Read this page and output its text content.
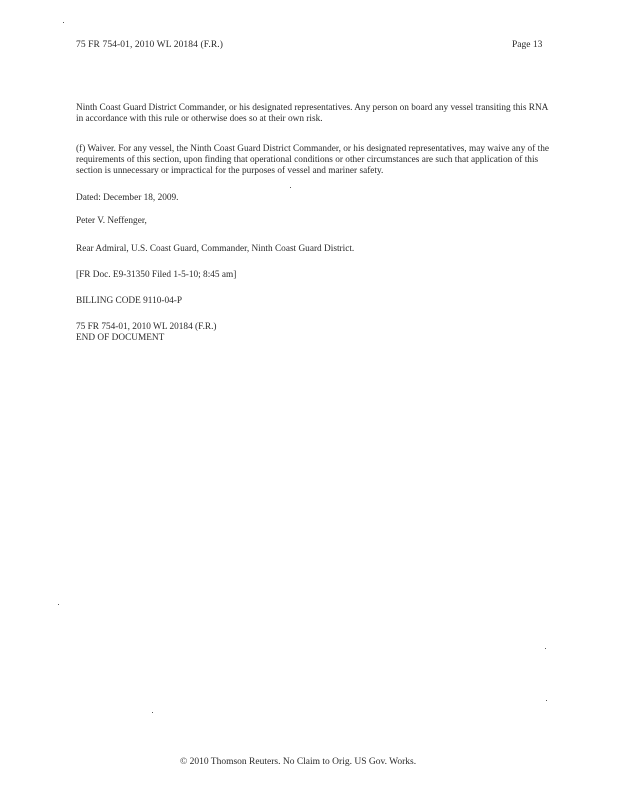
75 FR 754-01, 2010 WL 20184 (F.R.)	Page 13
Ninth Coast Guard District Commander, or his designated representatives. Any person on board any vessel transiting this RNA in accordance with this rule or otherwise does so at their own risk.
(f) Waiver. For any vessel, the Ninth Coast Guard District Commander, or his designated representatives, may waive any of the requirements of this section, upon finding that operational conditions or other circumstances are such that application of this section is unnecessary or impractical for the purposes of vessel and mariner safety.
Dated: December 18, 2009.
Peter V. Neffenger,
Rear Admiral, U.S. Coast Guard, Commander, Ninth Coast Guard District.
[FR Doc. E9-31350 Filed 1-5-10; 8:45 am]
BILLING CODE 9110-04-P
75 FR 754-01, 2010 WL 20184 (F.R.)
END OF DOCUMENT
© 2010 Thomson Reuters. No Claim to Orig. US Gov. Works.
